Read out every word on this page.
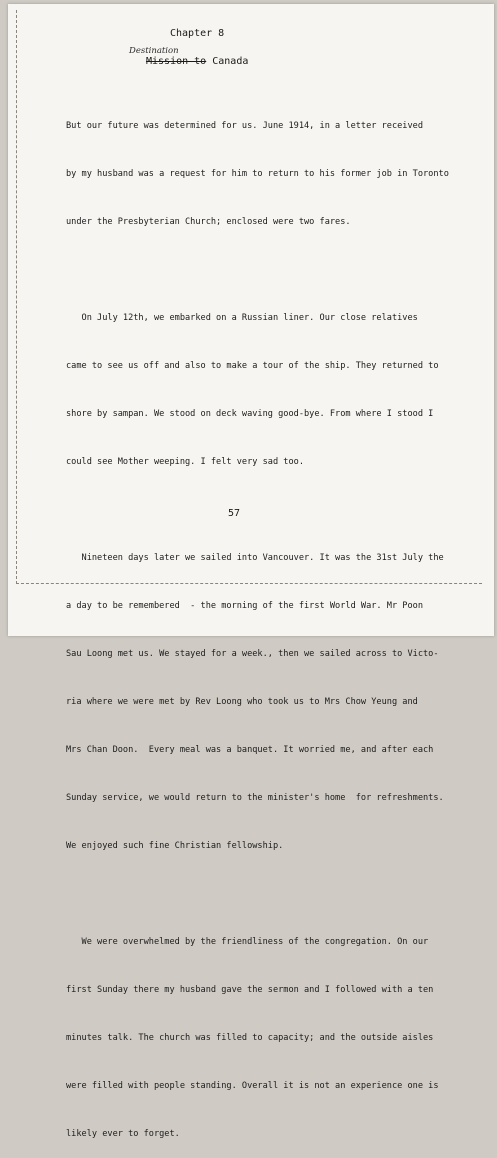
Chapter 8
Destination
Mission to Canada

But our future was determined for us. June 1914, in a letter received

by my husband was a request for him to return to his former job in Toronto

under the Presbyterian Church; enclosed were two fares.

On July 12th, we embarked on a Russian liner. Our close relatives

came to see us off and also to make a tour of the ship. They returned to

shore by sampan. We stood on deck waving good-bye. From where I stood I

could see Mother weeping. I felt very sad too.

Nineteen days later we sailed into Vancouver. It was the 31st July the

a day to be remembered  - the morning of the first World War. Mr Poon

Sau Loong met us. We stayed for a week., then we sailed across to Victo-

ria where we were met by Rev Loong who took us to Mrs Chow Yeung and

Mrs Chan Doon.  Every meal was a banquet. It worried me, and after each

Sunday service, we would return to the minister's home  for refreshments.

We enjoyed such fine Christian fellowship.

We were overwhelmed by the friendliness of the congregation. On our

first Sunday there my husband gave the sermon and I followed with a ten

minutes talk. The church was filled to capacity; and the outside aisles

were filled with people standing. Overall it is not an experience one is

likely ever to forget.

57
